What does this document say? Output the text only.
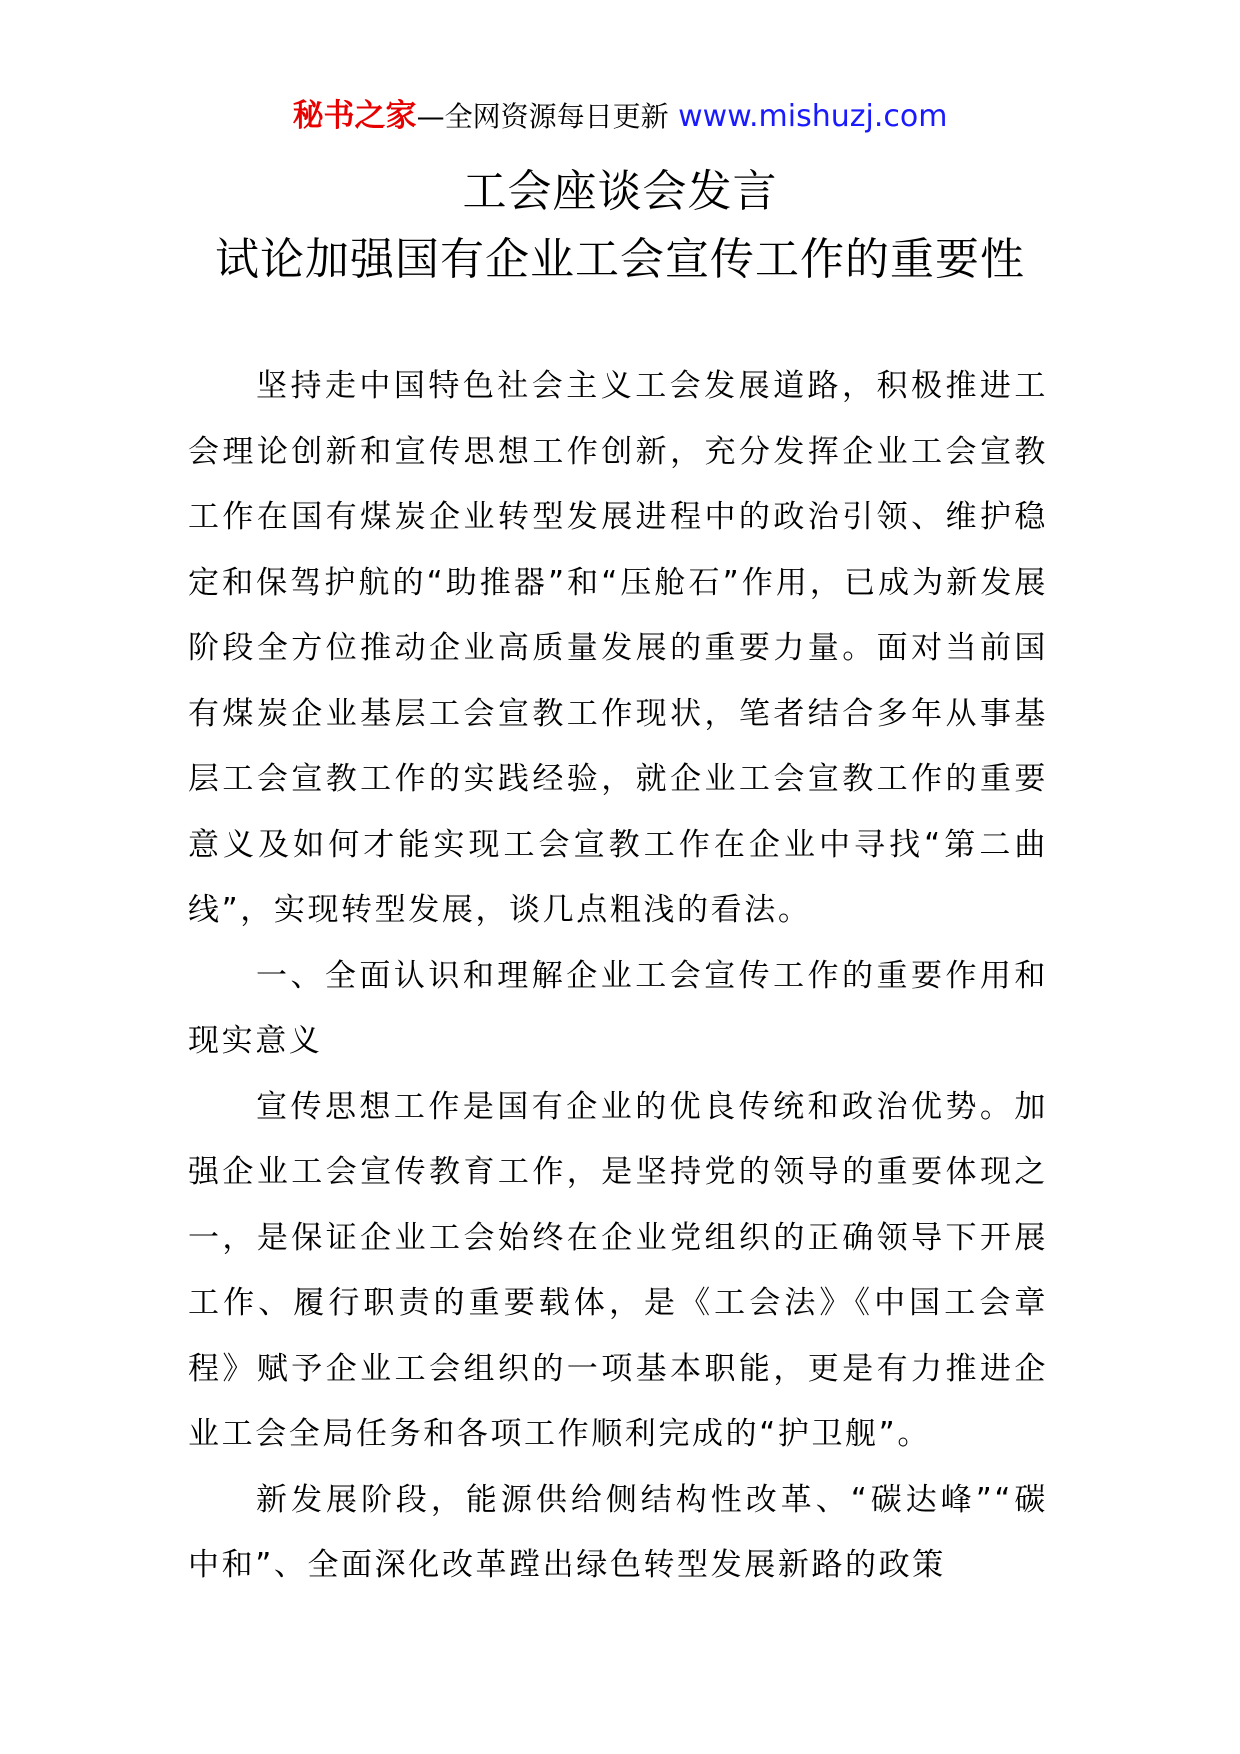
秘书之家—全网资源每日更新 www.mishuzj.com
工会座谈会发言
试论加强国有企业工会宣传工作的重要性

坚持走中国特色社会主义工会发展道路，积极推进工会理论创新和宣传思想工作创新，充分发挥企业工会宣教工作在国有煤炭企业转型发展进程中的政治引领、维护稳定和保驾护航的“助推器”和“压舱石”作用，已成为新发展阶段全方位推动企业高质量发展的重要力量。面对当前国有煤炭企业基层工会宣教工作现状，笔者结合多年从事基层工会宣教工作的实践经验，就企业工会宣教工作的重要意义及如何才能实现工会宣教工作在企业中寻找“第二曲线”，实现转型发展，谈几点粗浅的看法。

一、全面认识和理解企业工会宣传工作的重要作用和现实意义

宣传思想工作是国有企业的优良传统和政治优势。加强企业工会宣传教育工作，是坚持党的领导的重要体现之一，是保证企业工会始终在企业党组织的正确领导下开展工作、履行职责的重要载体，是《工会法》《中国工会章程》赋予企业工会组织的一项基本职能，更是有力推进企业工会全局任务和各项工作顺利完成的“护卫舰”。

新发展阶段，能源供给侧结构性改革、“碳达峰”“碳中和”、全面深化改革蹚出绿色转型发展新路的政策
